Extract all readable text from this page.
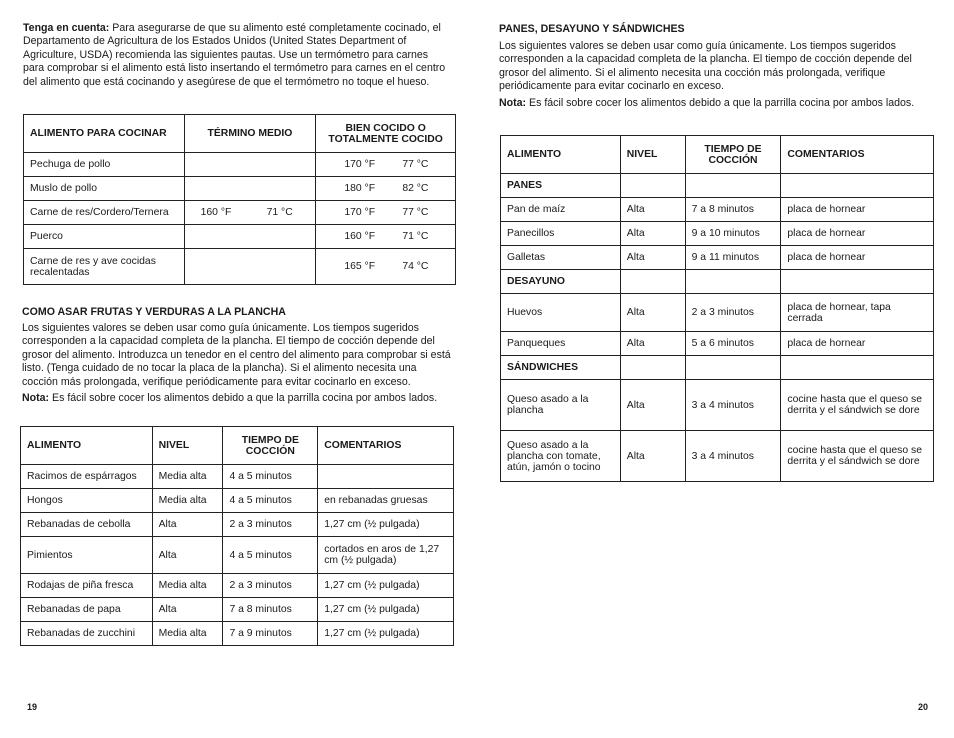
Tenga en cuenta: Para asegurarse de que su alimento esté completamente cocinado, el Departamento de Agricultura de los Estados Unidos (United States Department of Agriculture, USDA) recomienda las siguientes pautas. Use un termómetro para carnes para comprobar si el alimento está listo insertando el termómetro para carnes en el centro del alimento que está cocinando y asegúrese de que el termómetro no toque el hueso.

ALIMENTO PARA COCINAR	TÉRMINO MEDIO	BIEN COCIDO O TOTALMENTE COCIDO
Pechuga de pollo		170 °F 77 °C
Muslo de pollo		180 °F 82 °C
Carne de res/Cordero/Ternera	160 °F 71 °C	170 °F 77 °C
Puerco		160 °F 71 °C
Carne de res y ave cocidas recalentadas		165 °F 74 °C

COMO ASAR FRUTAS Y VERDURAS A LA PLANCHA

Los siguientes valores se deben usar como guía únicamente. Los tiempos sugeridos corresponden a la capacidad completa de la plancha. El tiempo de cocción depende del grosor del alimento. Introduzca un tenedor en el centro del alimento para comprobar si está listo. (Tenga cuidado de no tocar la placa de la plancha). Si el alimento necesita una cocción más prolongada, verifique periódicamente para evitar cocinarlo en exceso.

Nota: Es fácil sobre cocer los alimentos debido a que la parrilla cocina por ambos lados.

ALIMENTO	NIVEL	TIEMPO DE COCCIÓN	COMENTARIOS
Racimos de espárragos	Media alta	4 a 5 minutos	
Hongos	Media alta	4 a 5 minutos	en rebanadas gruesas
Rebanadas de cebolla	Alta	2 a 3 minutos	1,27 cm (½ pulgada)
Pimientos	Alta	4 a 5 minutos	cortados en aros de 1,27 cm (½ pulgada)
Rodajas de piña fresca	Media alta	2 a 3 minutos	1,27 cm (½ pulgada)
Rebanadas de papa	Alta	7 a 8 minutos	1,27 cm (½ pulgada)
Rebanadas de zucchini	Media alta	7 a 9 minutos	1,27 cm (½ pulgada)
19

PANES, DESAYUNO Y SÁNDWICHES

Los siguientes valores se deben usar como guía únicamente. Los tiempos sugeridos corresponden a la capacidad completa de la plancha. El tiempo de cocción depende del grosor del alimento. Si el alimento necesita una cocción más prolongada, verifique periódicamente para evitar cocinarlo en exceso.

Nota: Es fácil sobre cocer los alimentos debido a que la parrilla cocina por ambos lados.

ALIMENTO	NIVEL	TIEMPO DE COCCIÓN	COMENTARIOS
PANES			
Pan de maíz	Alta	7 a 8 minutos	placa de hornear
Panecillos	Alta	9 a 10 minutos	placa de hornear
Galletas	Alta	9 a 11 minutos	placa de hornear
DESAYUNO			
Huevos	Alta	2 a 3 minutos	placa de hornear, tapa cerrada
Panqueques	Alta	5 a 6 minutos	placa de hornear
SÁNDWICHES			
Queso asado a la plancha	Alta	3 a 4 minutos	cocine hasta que el queso se derrita y el sándwich se dore
Queso asado a la plancha con tomate, atún, jamón o tocino	Alta	3 a 4 minutos	cocine hasta que el queso se derrita y el sándwich se dore
20
